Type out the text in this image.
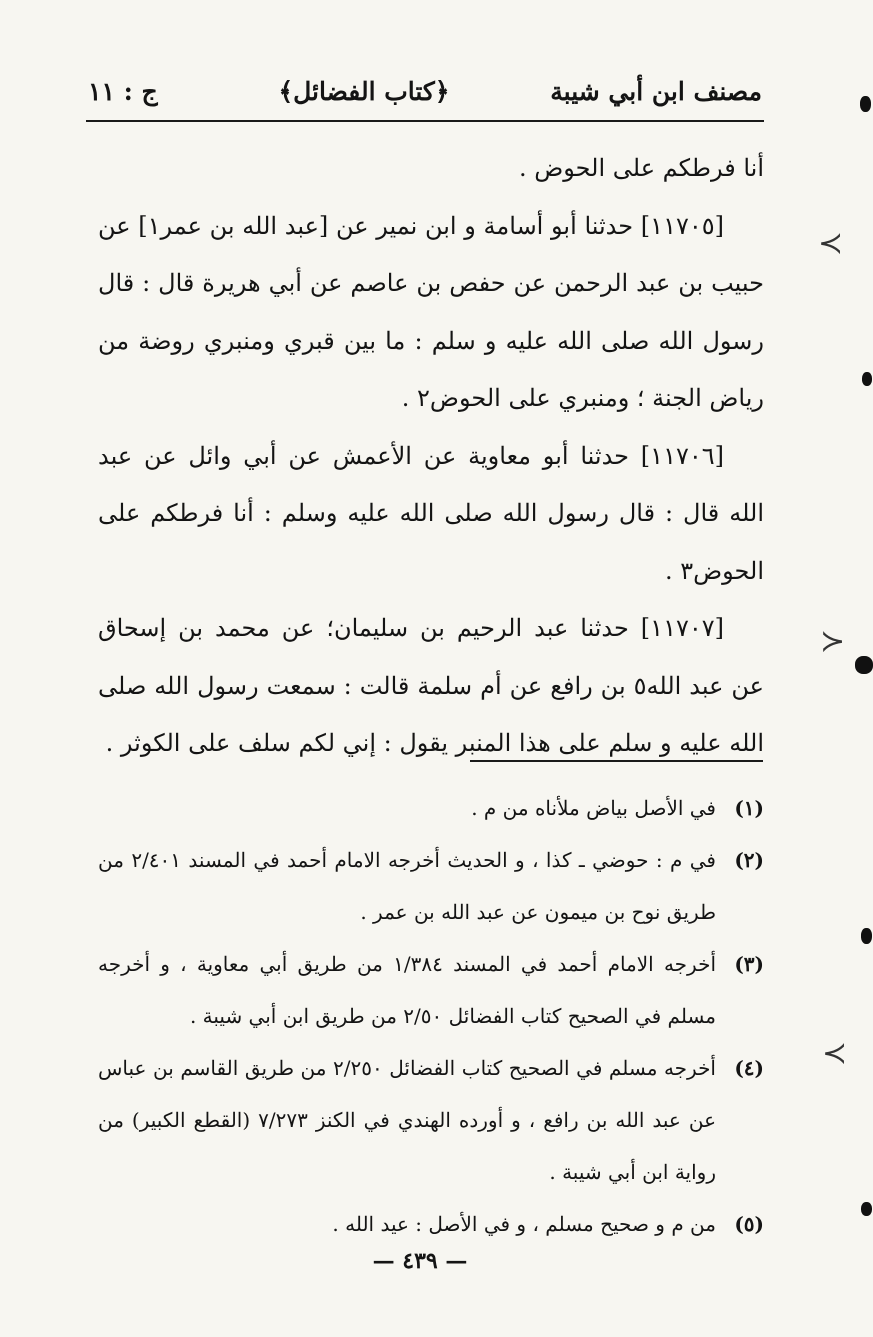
مصنف ابن أبي شيبة
﴿كتاب الفضائل﴾
ج : ١١

أنا فرطكم على الحوض .

[١١٧٠٥] حدثنا أبو أسامة و ابن نمير عن [عبد الله بن عمر١] عن حبيب بن عبد الرحمن عن حفص بن عاصم عن أبي هريرة قال : قال رسول الله صلى الله عليه و سلم : ما بين قبري ومنبري روضة من رياض الجنة ؛ ومنبري على الحوض٢ .

[١١٧٠٦] حدثنا أبو معاوية عن الأعمش عن أبي وائل عن عبد الله قال : قال رسول الله صلى الله عليه وسلم : أنا فرطكم على الحوض٣ .

[١١٧٠٧] حدثنا عبد الرحيم بن سليمان؛ عن محمد بن إسحاق عن عبد الله٥ بن رافع عن أم سلمة قالت : سمعت رسول الله صلى الله عليه و سلم على هذا المنبر يقول : إني لكم سلف على الكوثر .

(١)
في الأصل بياض ملأناه من م .
(٢)
في م : حوضي ـ كذا ، و الحديث أخرجه الامام أحمد في المسند ٢/٤٠١ من طريق نوح بن ميمون عن عبد الله بن عمر .
(٣)
أخرجه الامام أحمد في المسند ١/٣٨٤ من طريق أبي معاوية ، و أخرجه مسلم في الصحيح كتاب الفضائل ٢/٥٠ من طريق ابن أبي شيبة .
(٤)
أخرجه مسلم في الصحيح كتاب الفضائل ٢/٢٥٠ من طريق القاسم بن عباس عن عبد الله بن رافع ، و أورده الهندي في الكنز ٧/٢٧٣ (القطع الكبير) من رواية ابن أبي شيبة .
(٥)
من م و صحيح مسلم ، و في الأصل : عيد الله .
— ٤٣٩ —
≺
≻
≺
